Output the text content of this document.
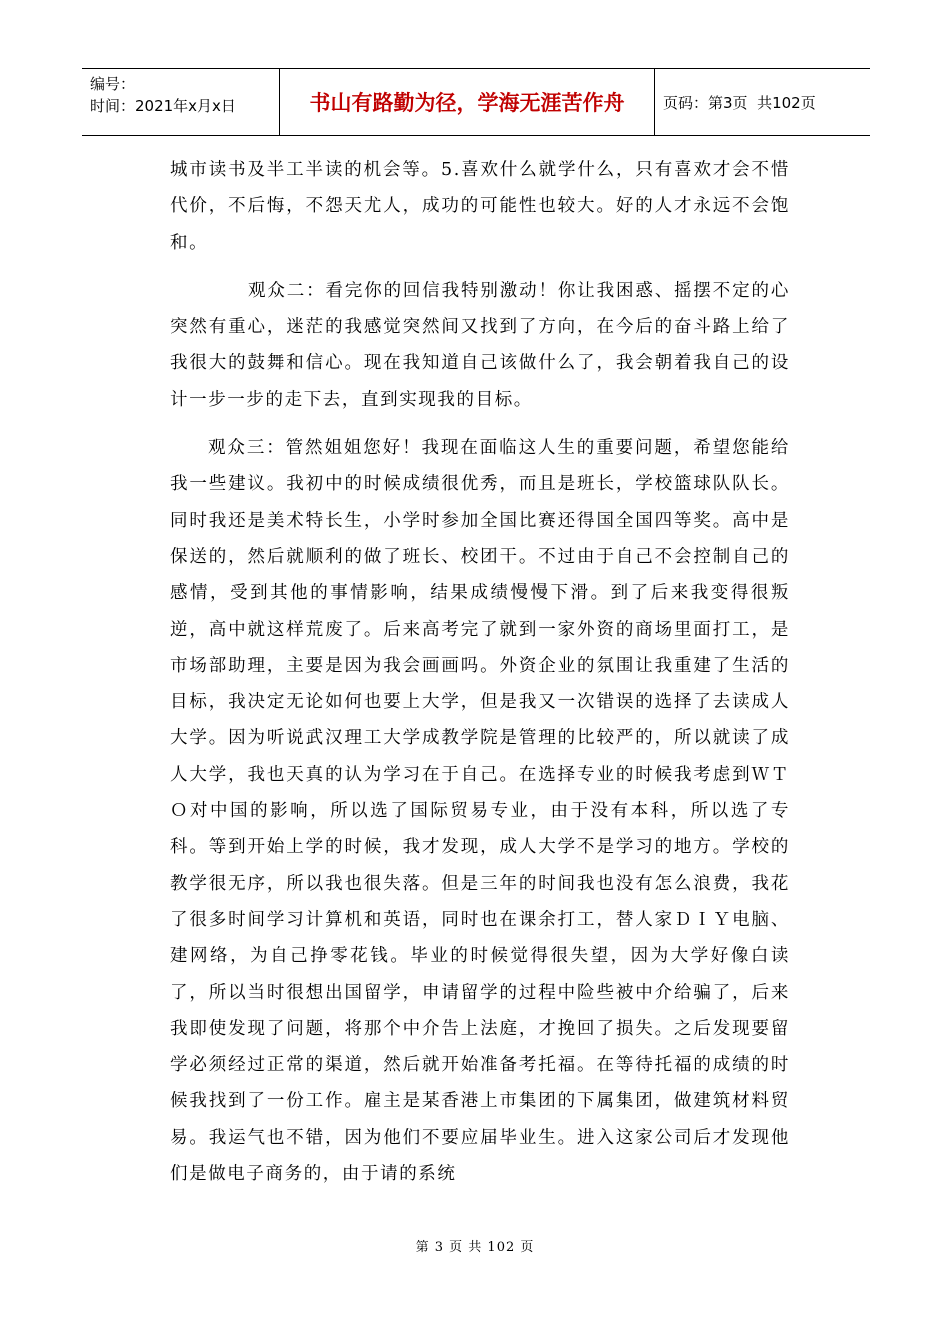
编号：
时间：2021年x月x日	书山有路勤为径，学海无涯苦作舟	页码：第3页  共102页

城市读书及半工半读的机会等。5.喜欢什么就学什么，只有喜欢才会不惜代价，不后悔，不怨天尤人，成功的可能性也较大。好的人才永远不会饱和。

观众二：看完你的回信我特别激动！你让我困惑、摇摆不定的心突然有重心，迷茫的我感觉突然间又找到了方向，在今后的奋斗路上给了我很大的鼓舞和信心。现在我知道自己该做什么了，我会朝着我自己的设计一步一步的走下去，直到实现我的目标。

观众三：管然姐姐您好！我现在面临这人生的重要问题，希望您能给我一些建议。我初中的时候成绩很优秀，而且是班长，学校篮球队队长。同时我还是美术特长生，小学时参加全国比赛还得国全国四等奖。高中是保送的，然后就顺利的做了班长、校团干。不过由于自己不会控制自己的感情，受到其他的事情影响，结果成绩慢慢下滑。到了后来我变得很叛逆，高中就这样荒废了。后来高考完了就到一家外资的商场里面打工，是市场部助理，主要是因为我会画画吗。外资企业的氛围让我重建了生活的目标，我决定无论如何也要上大学，但是我又一次错误的选择了去读成人大学。因为听说武汉理工大学成教学院是管理的比较严的，所以就读了成人大学，我也天真的认为学习在于自己。在选择专业的时候我考虑到ＷＴＯ对中国的影响，所以选了国际贸易专业，由于没有本科，所以选了专科。等到开始上学的时候，我才发现，成人大学不是学习的地方。学校的教学很无序，所以我也很失落。但是三年的时间我也没有怎么浪费，我花了很多时间学习计算机和英语，同时也在课余打工，替人家ＤＩＹ电脑、建网络，为自己挣零花钱。毕业的时候觉得很失望，因为大学好像白读了，所以当时很想出国留学，申请留学的过程中险些被中介给骗了，后来我即使发现了问题，将那个中介告上法庭，才挽回了损失。之后发现要留学必须经过正常的渠道，然后就开始准备考托福。在等待托福的成绩的时候我找到了一份工作。雇主是某香港上市集团的下属集团，做建筑材料贸易。我运气也不错，因为他们不要应届毕业生。进入这家公司后才发现他们是做电子商务的，由于请的系统

第 3 页 共 102 页
